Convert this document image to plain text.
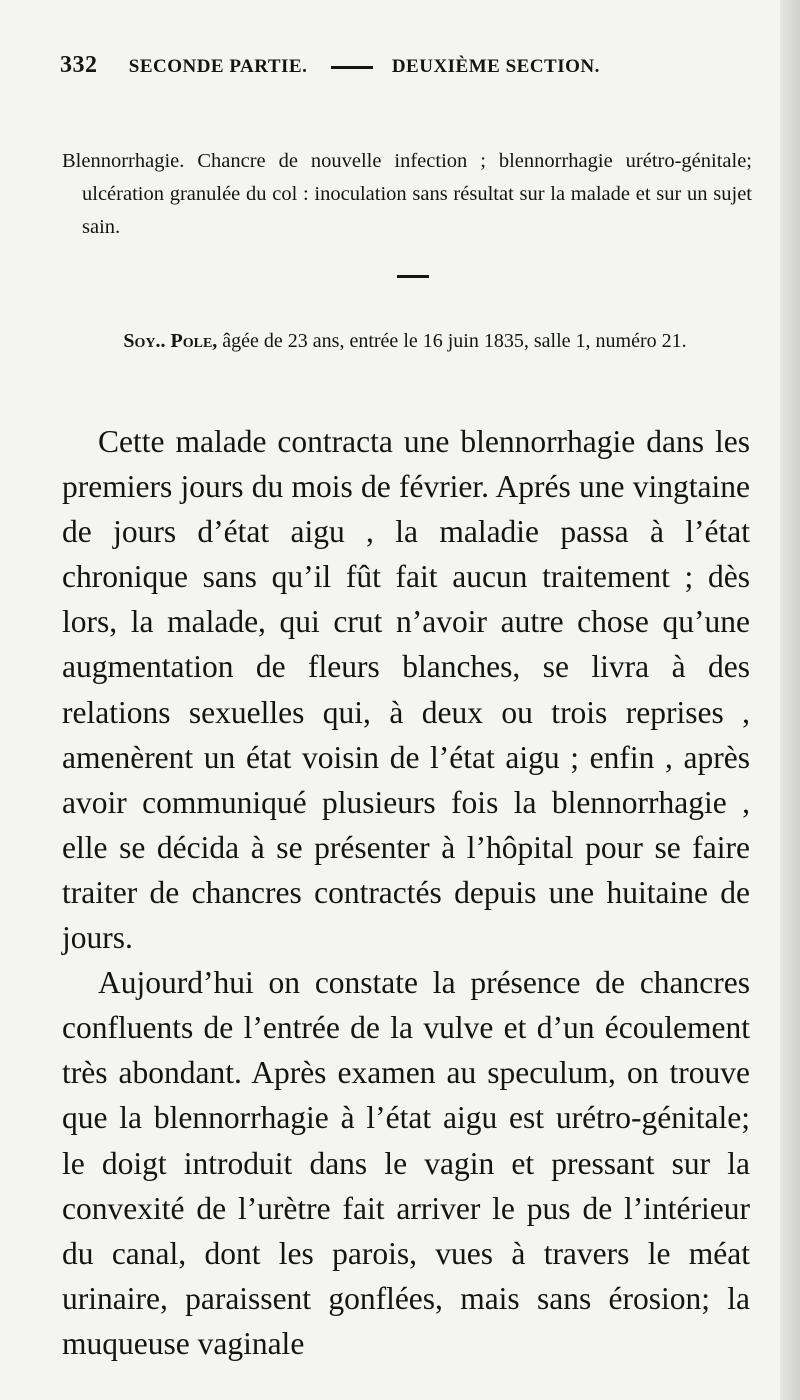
332 SECONDE PARTIE.	DEUXIÈME SECTION.

Blennorrhagie. Chancre de nouvelle infection ; blennorrhagie urétro-génitale; ulcération granulée du col : inoculation sans résultat sur la malade et sur un sujet sain.

Soy.. Pole, âgée de 23 ans, entrée le 16 juin 1835, salle 1, numéro 21.

Cette malade contracta une blennorrhagie dans les premiers jours du mois de février. Aprés une vingtaine de jours d’état aigu , la maladie passa à l’état chronique sans qu’il fût fait aucun traitement ; dès lors, la malade, qui crut n’avoir autre chose qu’une augmentation de fleurs blanches, se livra à des relations sexuelles qui, à deux ou trois reprises , amenèrent un état voisin de l’état aigu ; enfin , après avoir communiqué plusieurs fois la blennorrhagie , elle se décida à se présenter à l’hôpital pour se faire traiter de chancres contractés depuis une huitaine de jours.

Aujourd’hui on constate la présence de chancres confluents de l’entrée de la vulve et d’un écoulement très abondant. Après examen au speculum, on trouve que la blennorrhagie à l’état aigu est urétro-génitale; le doigt introduit dans le vagin et pressant sur la convexité de l’urètre fait arriver le pus de l’intérieur du canal, dont les parois, vues à travers le méat urinaire, paraissent gonflées, mais sans érosion; la muqueuse vaginale
